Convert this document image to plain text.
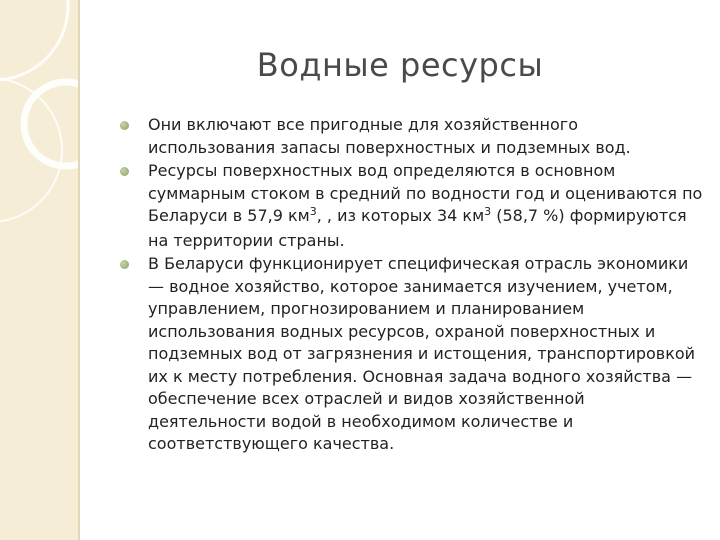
Водные ресурсы
Они включают все пригодные для хозяйственного использования запасы поверхностных и подземных вод.
Ресурсы поверхностных вод определяются в основном суммарным стоком в средний по водности год и оцениваются по Беларуси в 57,9 $км^3$, , из которых 34 $км^3$ (58,7 %) формируются на территории страны.
В Беларуси функционирует специфическая отрасль экономики — водное хозяйство, которое занимается изучением, учетом, управлением, прогнозированием и планированием использования водных ресурсов, охраной поверхностных и подземных вод от загрязнения и истощения, транспортировкой их к месту потребления. Основная задача водного хозяйства — обеспечение всех отраслей и видов хозяйственной деятельности водой в необходимом количестве и соответствующего качества.
